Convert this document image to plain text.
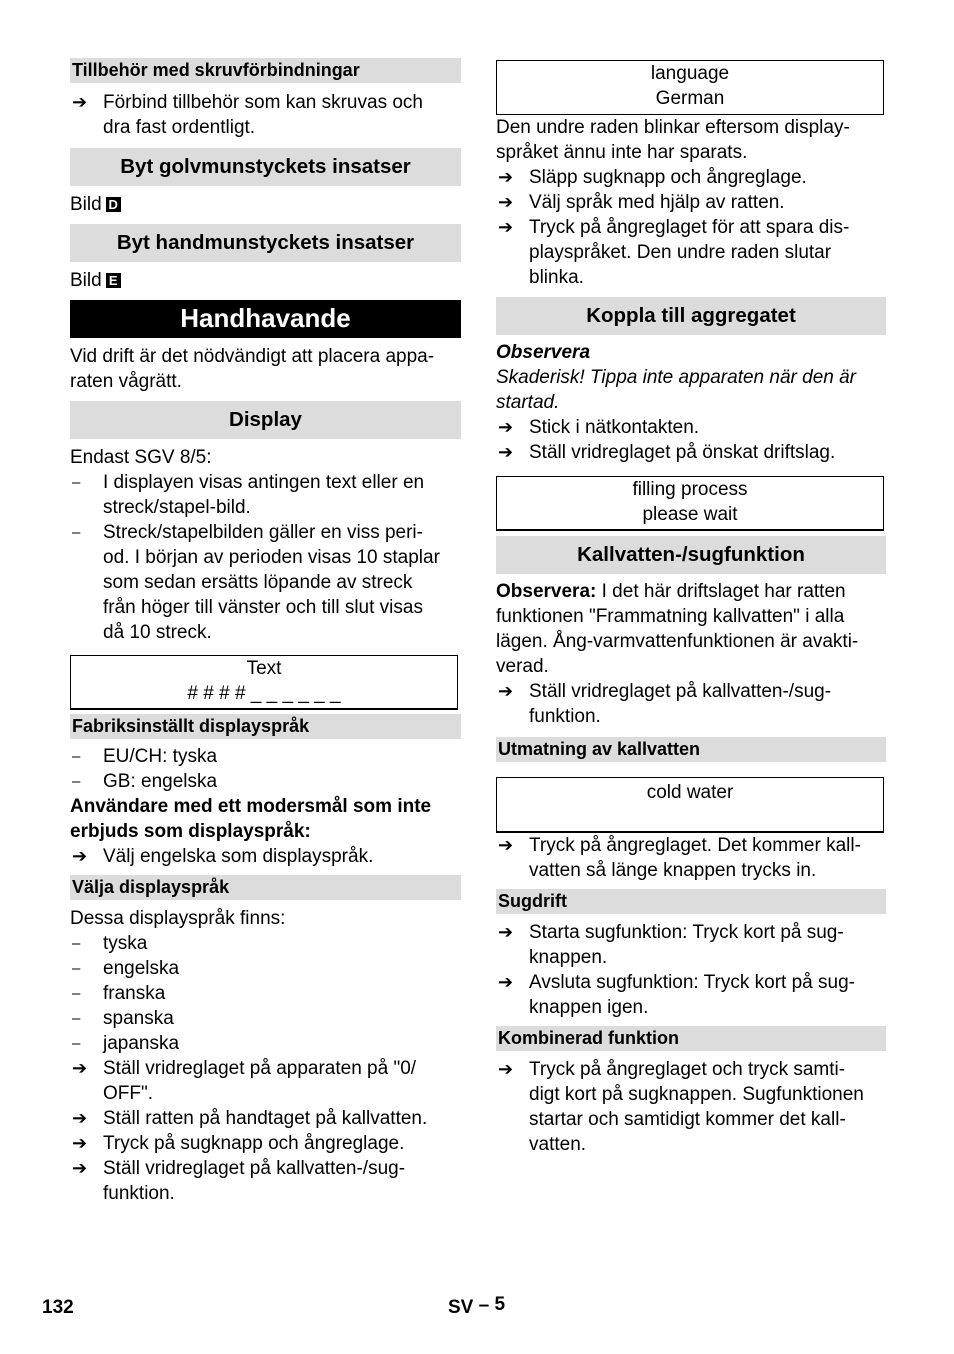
Tillbehör med skruvförbindningar
➔ Förbind tillbehör som kan skruvas och

dra fast ordentligt.

Byt golvmunstyckets insatser

Bild D

Byt handmunstyckets insatser

Bild E

Handhavande

Vid drift är det nödvändigt att placera appa-

raten vågrätt.

Display

Endast SGV 8/5:

–	I displayen visas antingen text eller en

streck/stapel-bild.

–	Streck/stapelbilden gäller en viss peri-

od. I början av perioden visas 10 staplar

som sedan ersätts löpande av streck

från höger till vänster och till slut visas

då 10 streck.

Text

# # # # _ _ _ _ _ _

Fabriksinställt displayspråk
–	EU/CH: tyska

–	GB: engelska

Användare med ett modersmål som inte

erbjuds som displayspråk:

➔ Välj engelska som displayspråk.

Välja displayspråk

Dessa displayspråk finns:

–	tyska

–	engelska

–	franska

–	spanska

–	japanska

➔ Ställ vridreglaget på apparaten på "0/

OFF".

➔ Ställ ratten på handtaget på kallvatten.

➔ Tryck på sugknapp och ångreglage.

➔ Ställ vridreglaget på kallvatten-/sug-

funktion.

language

German

Den undre raden blinkar eftersom display-

språket ännu inte har sparats.

➔ Släpp sugknapp och ångreglage.

➔ Välj språk med hjälp av ratten.

➔ Tryck på ångreglaget för att spara dis-

playspråket. Den undre raden slutar

blinka.

Koppla till aggregatet

Observera

Skaderisk! Tippa inte apparaten när den är

startad.

➔ Stick i nätkontakten.

➔ Ställ vridreglaget på önskat driftslag.

filling process

please wait

Kallvatten-/sugfunktion

Observera: I det här driftslaget har ratten

funktionen "Frammatning kallvatten" i alla

lägen. Ång-varmvattenfunktionen är avakti-

verad.

➔ Ställ vridreglaget på kallvatten-/sug-

funktion.

Utmatning av kallvatten

cold water

➔ Tryck på ångreglaget. Det kommer kall-

vatten så länge knappen trycks in.

Sugdrift
➔ Starta sugfunktion: Tryck kort på sug-

knappen.

➔ Avsluta sugfunktion: Tryck kort på sug-

knappen igen.

Kombinerad funktion
➔ Tryck på ångreglaget och tryck samti-

digt kort på sugknappen. Sugfunktionen

startar och samtidigt kommer det kall-

vatten.

132	SV – 5
